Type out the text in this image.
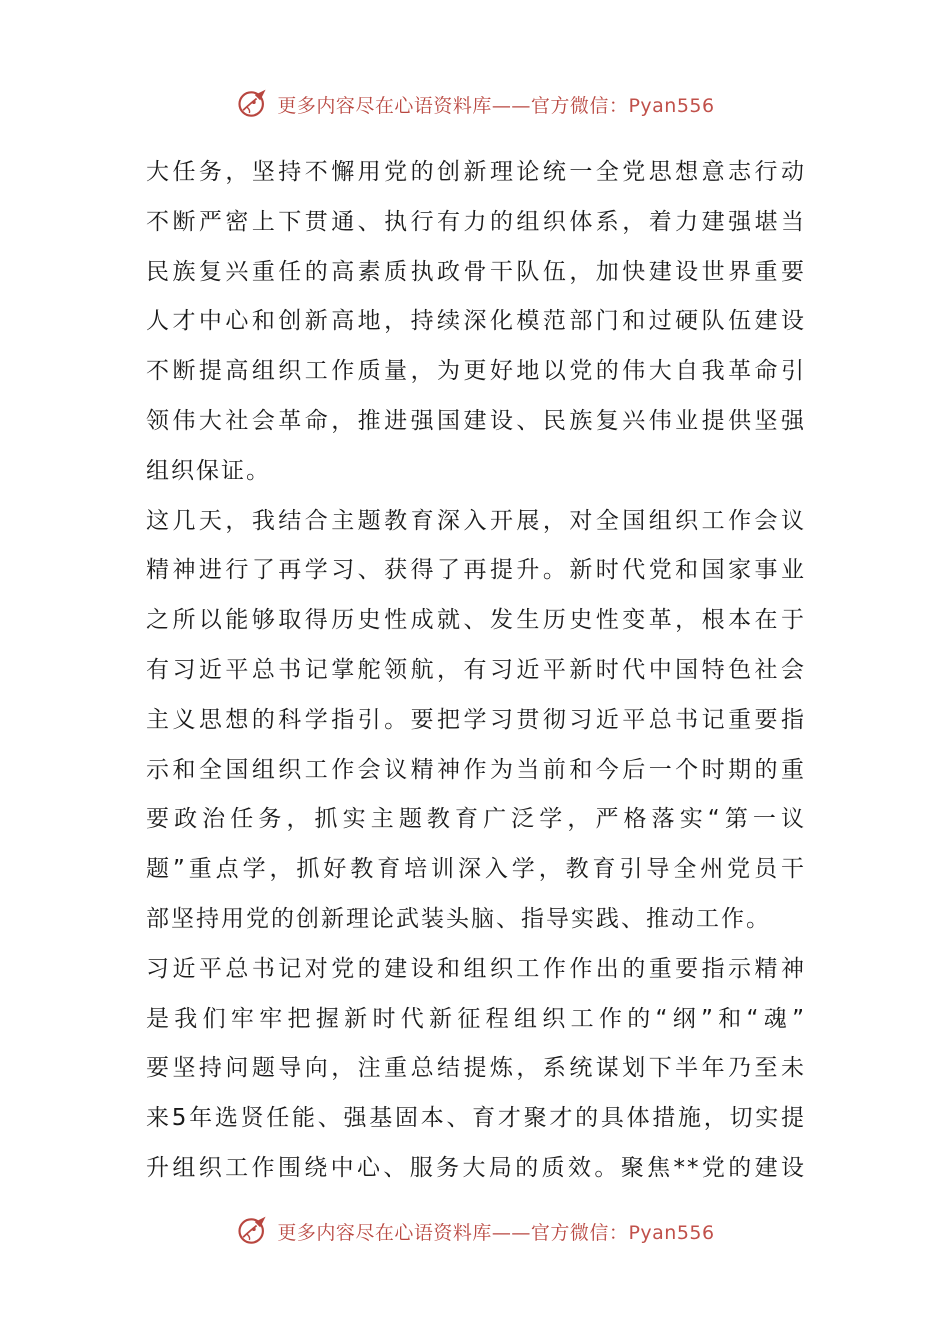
更多内容尽在心语资料库——官方微信：Pyan556
大任务，坚持不懈用党的创新理论统一全党思想意志行动
不断严密上下贯通、执行有力的组织体系，着力建强堪当
民族复兴重任的高素质执政骨干队伍，加快建设世界重要
人才中心和创新高地，持续深化模范部门和过硬队伍建设
不断提高组织工作质量，为更好地以党的伟大自我革命引
领伟大社会革命，推进强国建设、民族复兴伟业提供坚强
组织保证。
这几天，我结合主题教育深入开展，对全国组织工作会议
精神进行了再学习、获得了再提升。新时代党和国家事业
之所以能够取得历史性成就、发生历史性变革，根本在于
有习近平总书记掌舵领航，有习近平新时代中国特色社会
主义思想的科学指引。要把学习贯彻习近平总书记重要指
示和全国组织工作会议精神作为当前和今后一个时期的重
要政治任务，抓实主题教育广泛学，严格落实“第一议
题”重点学，抓好教育培训深入学，教育引导全州党员干
部坚持用党的创新理论武装头脑、指导实践、推动工作。
习近平总书记对党的建设和组织工作作出的重要指示精神
是我们牢牢把握新时代新征程组织工作的“纲”和“魂”
要坚持问题导向，注重总结提炼，系统谋划下半年乃至未
来5年选贤任能、强基固本、育才聚才的具体措施，切实提
升组织工作围绕中心、服务大局的质效。聚焦**党的建设
更多内容尽在心语资料库——官方微信：Pyan556
